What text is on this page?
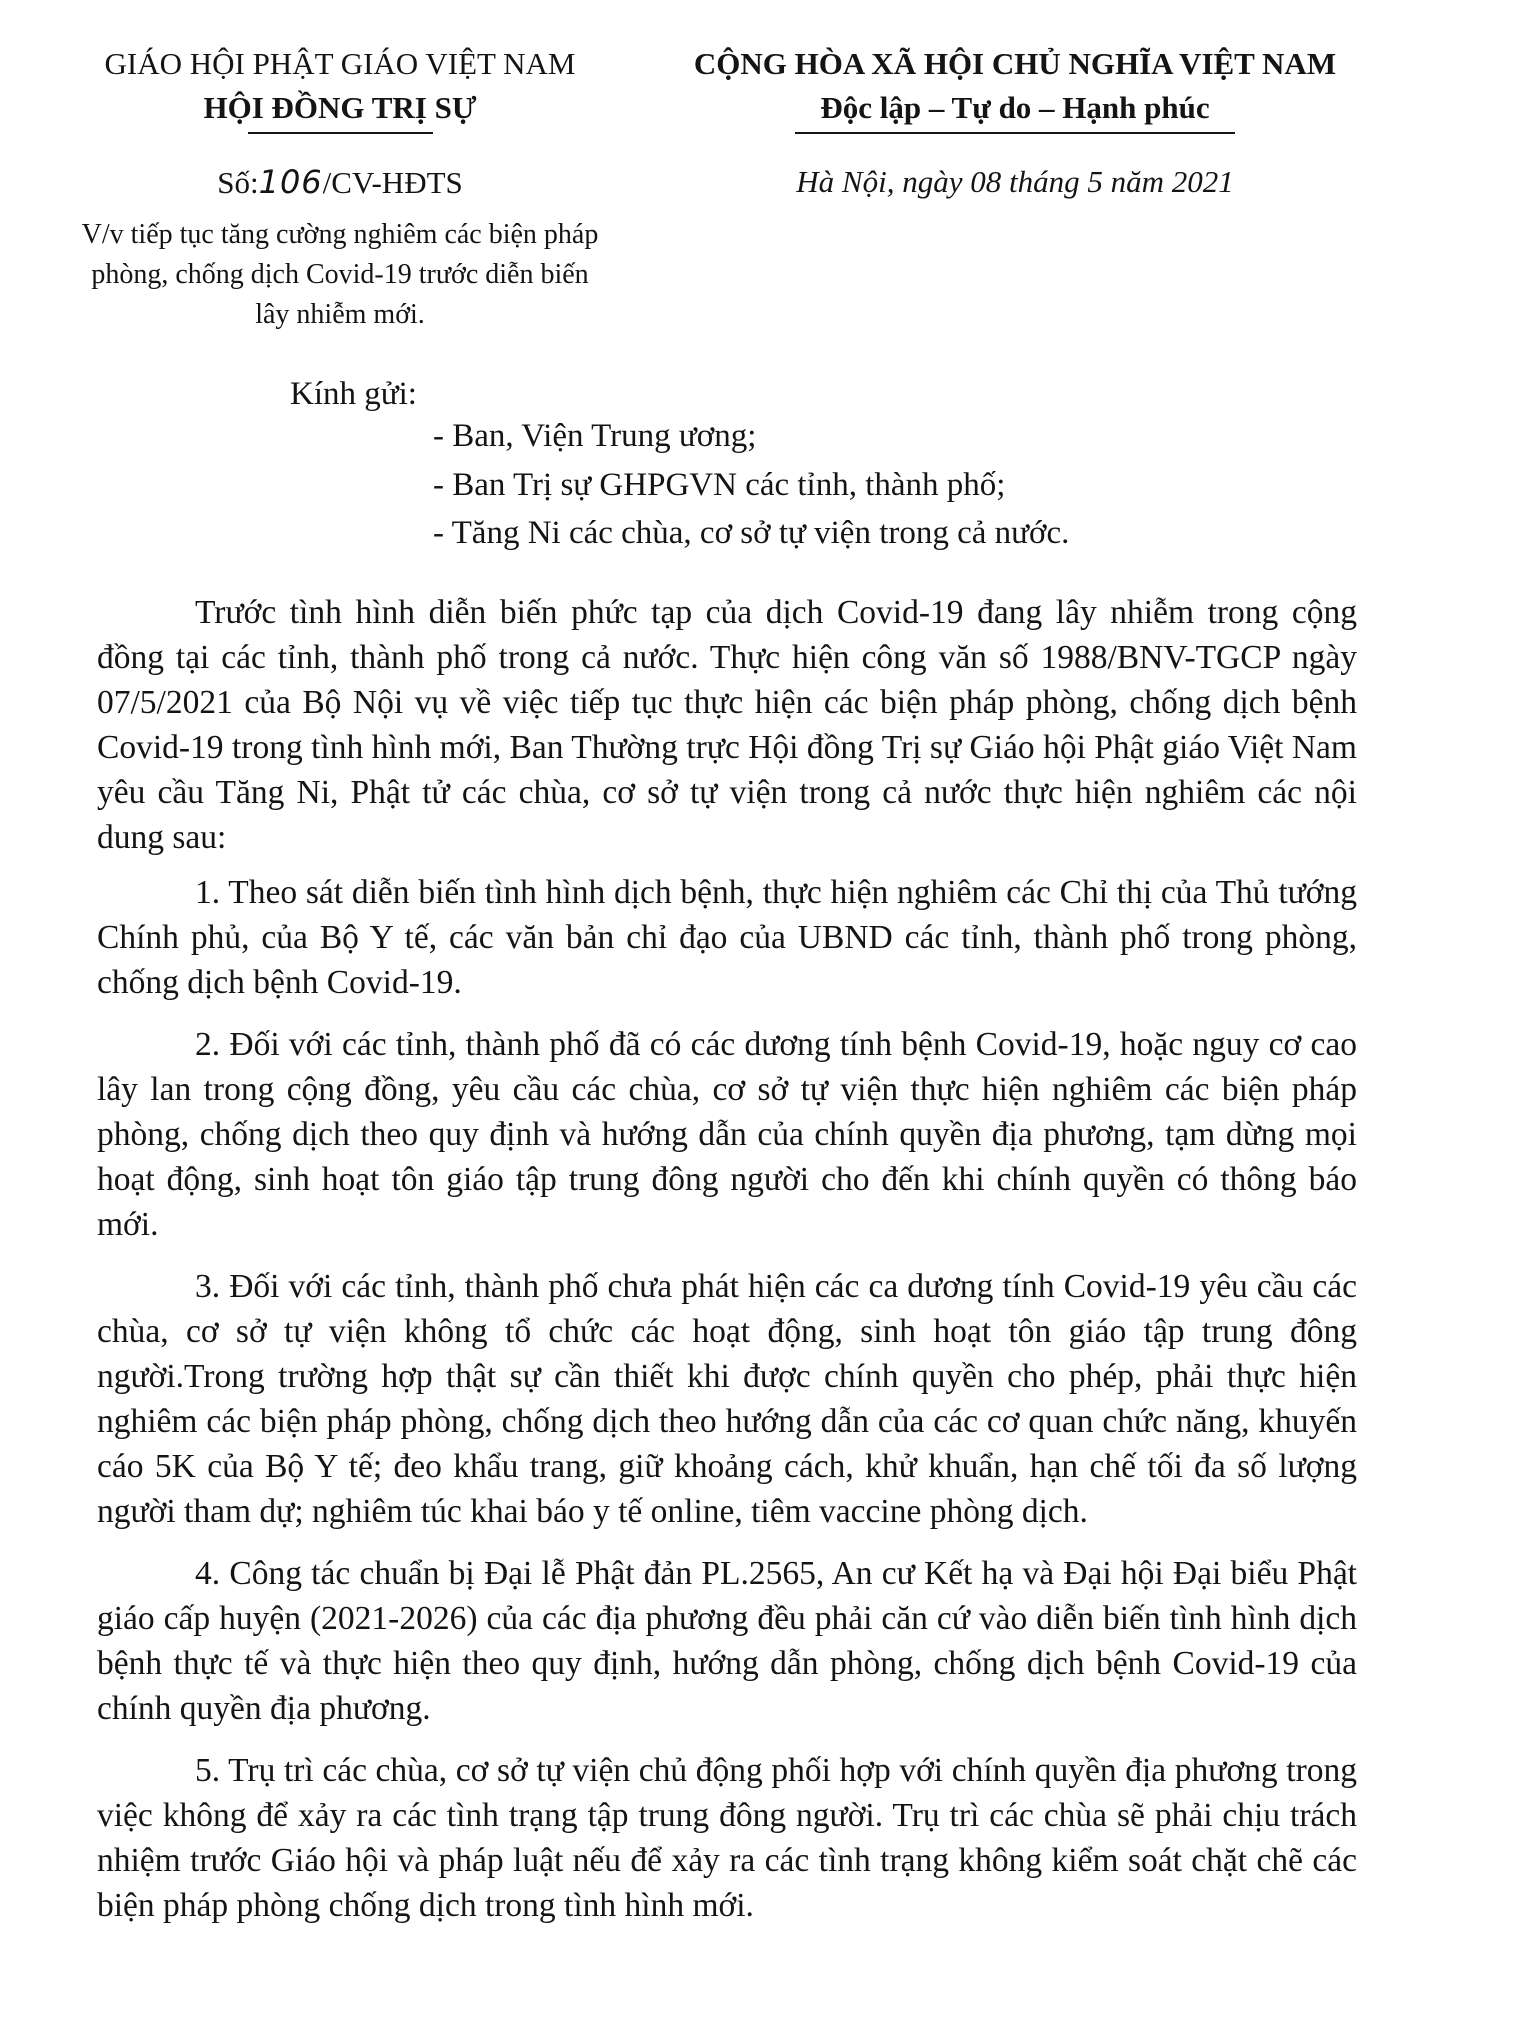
GIÁO HỘI PHẬT GIÁO VIỆT NAM
HỘI ĐỒNG TRỊ SỰ
Số:106/CV-HĐTS
V/v tiếp tục tăng cường nghiêm các biện pháp phòng, chống dịch Covid-19 trước diễn biến lây nhiễm mới.
CỘNG HÒA XÃ HỘI CHỦ NGHĨA VIỆT NAM
Độc lập – Tự do – Hạnh phúc
Hà Nội, ngày 08 tháng 5 năm 2021
Kính gửi:
- Ban, Viện Trung ương;
- Ban Trị sự GHPGVN các tỉnh, thành phố;
- Tăng Ni các chùa, cơ sở tự viện trong cả nước.

Trước tình hình diễn biến phức tạp của dịch Covid-19 đang lây nhiễm trong cộng đồng tại các tỉnh, thành phố trong cả nước. Thực hiện công văn số 1988/BNV-TGCP ngày 07/5/2021 của Bộ Nội vụ về việc tiếp tục thực hiện các biện pháp phòng, chống dịch bệnh Covid-19 trong tình hình mới, Ban Thường trực Hội đồng Trị sự Giáo hội Phật giáo Việt Nam yêu cầu Tăng Ni, Phật tử các chùa, cơ sở tự viện trong cả nước thực hiện nghiêm các nội dung sau:

1. Theo sát diễn biến tình hình dịch bệnh, thực hiện nghiêm các Chỉ thị của Thủ tướng Chính phủ, của Bộ Y tế, các văn bản chỉ đạo của UBND các tỉnh, thành phố trong phòng, chống dịch bệnh Covid-19.

2. Đối với các tỉnh, thành phố đã có các dương tính bệnh Covid-19, hoặc nguy cơ cao lây lan trong cộng đồng, yêu cầu các chùa, cơ sở tự viện thực hiện nghiêm các biện pháp phòng, chống dịch theo quy định và hướng dẫn của chính quyền địa phương, tạm dừng mọi hoạt động, sinh hoạt tôn giáo tập trung đông người cho đến khi chính quyền có thông báo mới.

3. Đối với các tỉnh, thành phố chưa phát hiện các ca dương tính Covid-19 yêu cầu các chùa, cơ sở tự viện không tổ chức các hoạt động, sinh hoạt tôn giáo tập trung đông người.Trong trường hợp thật sự cần thiết khi được chính quyền cho phép, phải thực hiện nghiêm các biện pháp phòng, chống dịch theo hướng dẫn của các cơ quan chức năng, khuyến cáo 5K của Bộ Y tế; đeo khẩu trang, giữ khoảng cách, khử khuẩn, hạn chế tối đa số lượng người tham dự; nghiêm túc khai báo y tế online, tiêm vaccine phòng dịch.

4. Công tác chuẩn bị Đại lễ Phật đản PL.2565, An cư Kết hạ và Đại hội Đại biểu Phật giáo cấp huyện (2021-2026) của các địa phương đều phải căn cứ vào diễn biến tình hình dịch bệnh thực tế và thực hiện theo quy định, hướng dẫn phòng, chống dịch bệnh Covid-19 của chính quyền địa phương.

5. Trụ trì các chùa, cơ sở tự viện chủ động phối hợp với chính quyền địa phương trong việc không để xảy ra các tình trạng tập trung đông người. Trụ trì các chùa sẽ phải chịu trách nhiệm trước Giáo hội và pháp luật nếu để xảy ra các tình trạng không kiểm soát chặt chẽ các biện pháp phòng chống dịch trong tình hình mới.
